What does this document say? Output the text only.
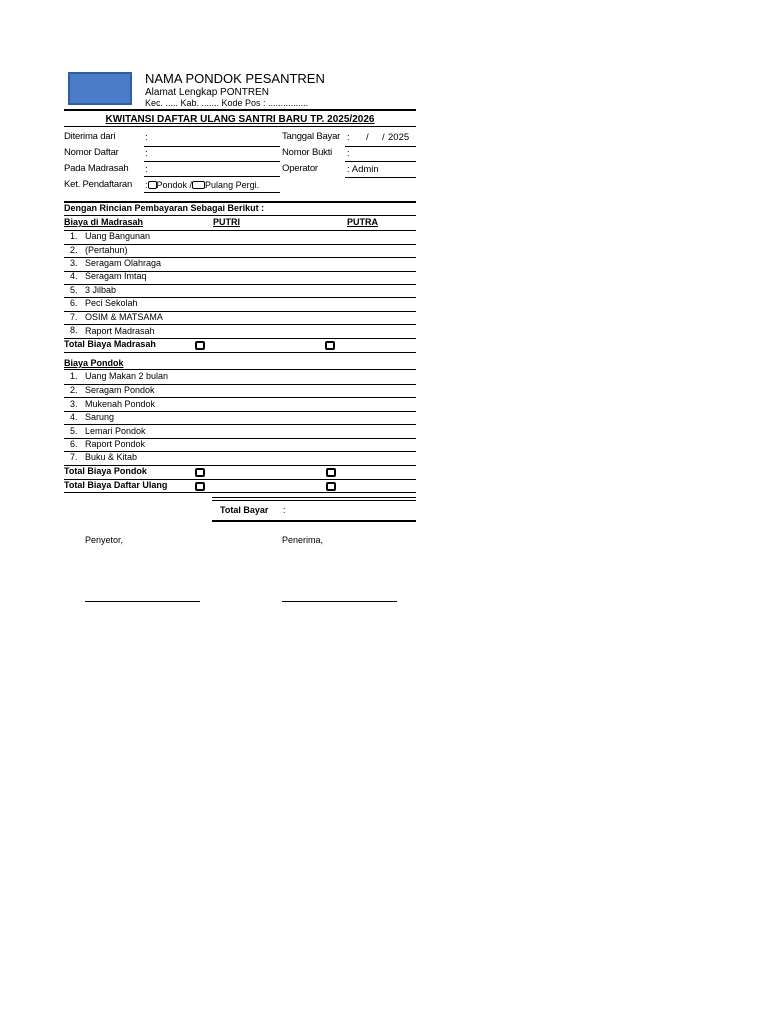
NAMA PONDOK PESANTREN
Alamat Lengkap PONTREN
Kec. ..... Kab. ....... Kode Pos : ................
KWITANSI DAFTAR ULANG SANTRI BARU TP. 2025/2026
Diterima dari	:
Nomor Daftar	:
Pada Madrasah :
Ket. Pendaftaran : Pondok / Pulang Pergi.
Tanggal Bayar : / / 2025
Nomor Bukti :
Operator	: Admin
Dengan Rincian Pembayaran Sebagai Berikut :
Biaya di Madrasah	PUTRI	PUTRA
1. Uang Bangunan
2. (Pertahun)
3. Seragam Olahraga
4. Seragam Imtaq
5. 3 Jilbab
6. Peci Sekolah
7. OSIM & MATSAMA
8. Raport Madrasah
Total Biaya Madrasah
Biaya Pondok
1. Uang Makan 2 bulan
2. Seragam Pondok
3. Mukenah Pondok
4. Sarung
5. Lemari Pondok
6. Raport Pondok
7. Buku & Kitab
Total Biaya Pondok
Total Biaya Daftar Ulang
Total Bayar :
Penyetor,	Penerima,
